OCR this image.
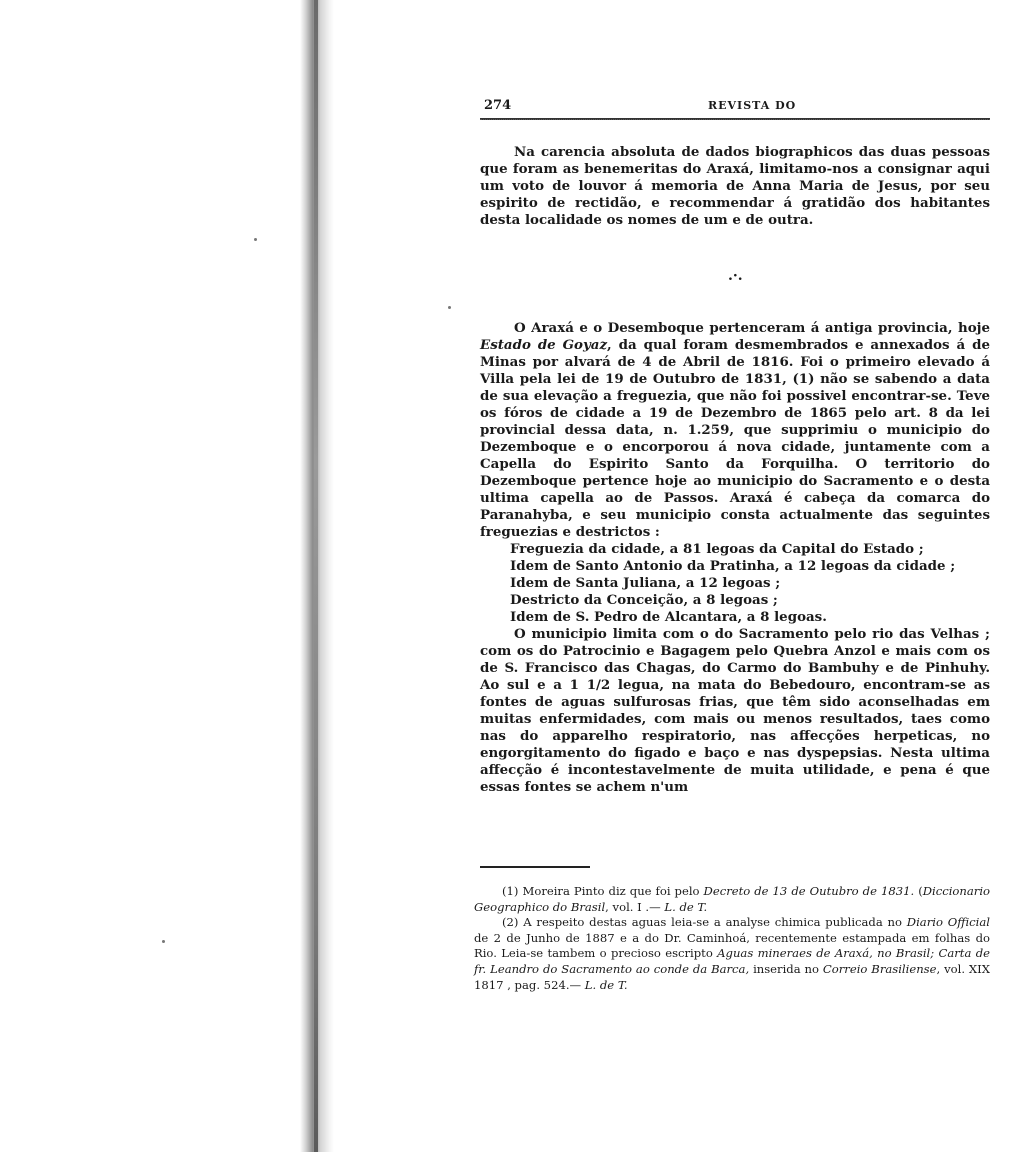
274	REVISTA DO

Na carencia absoluta de dados biographicos das duas pessoas que foram as benemeritas do Araxá, limitamo-nos a consignar aqui um voto de louvor á memoria de Anna Maria de Jesus, por seu espirito de rectidão, e recommendar á gratidão dos habitantes desta localidade os nomes de um e de outra.

.·.

O Araxá e o Desemboque pertenceram á antiga provincia, hoje Estado de Goyaz, da qual foram desmembrados e annexados á de Minas por alvará de 4 de Abril de 1816. Foi o primeiro elevado á Villa pela lei de 19 de Outubro de 1831, (1) não se sabendo a data de sua elevação a freguezia, que não foi possivel encontrar-se. Teve os fóros de cidade a 19 de Dezembro de 1865 pelo art. 8 da lei provincial dessa data, n. 1.259, que supprimiu o municipio do Dezemboque e o encorporou á nova cidade, juntamente com a Capella do Espirito Santo da Forquilha. O territorio do Dezemboque pertence hoje ao municipio do Sacramento e o desta ultima capella ao de Passos. Araxá é cabeça da comarca do Paranahyba, e seu municipio consta actualmente das seguintes freguezias e destrictos :

Freguezia da cidade, a 81 legoas da Capital do Estado ;
Idem de Santo Antonio da Pratinha, a 12 legoas da cidade ;
Idem de Santa Juliana, a 12 legoas ;
Destricto da Conceição, a 8 legoas ;
Idem de S. Pedro de Alcantara, a 8 legoas.

O municipio limita com o do Sacramento pelo rio das Velhas ; com os do Patrocinio e Bagagem pelo Quebra Anzol e mais com os de S. Francisco das Chagas, do Carmo do Bambuhy e de Pinhuhy. Ao sul e a 1 1/2 legua, na mata do Bebedouro, encontram-se as fontes de aguas sulfurosas frias, que têm sido aconselhadas em muitas enfermidades, com mais ou menos resultados, taes como nas do apparelho respiratorio, nas affecções herpeticas, no engorgitamento do figado e baço e nas dyspepsias. Nesta ultima affecção é incontestavelmente de muita utilidade, e pena é que essas fontes se achem n'um

(1) Moreira Pinto diz que foi pelo Decreto de 13 de Outubro de 1831. (Diccionario Geographico do Brasil, vol. I .— L. de T.

(2) A respeito destas aguas leia-se a analyse chimica publicada no Diario Official de 2 de Junho de 1887 e a do Dr. Caminhoá, recentemente estampada em folhas do Rio. Leia-se tambem o precioso escripto Aguas mineraes de Araxá, no Brasil; Carta de fr. Leandro do Sacramento ao conde da Barca, inserida no Correio Brasiliense, vol. XIX 1817 , pag. 524.— L. de T.
